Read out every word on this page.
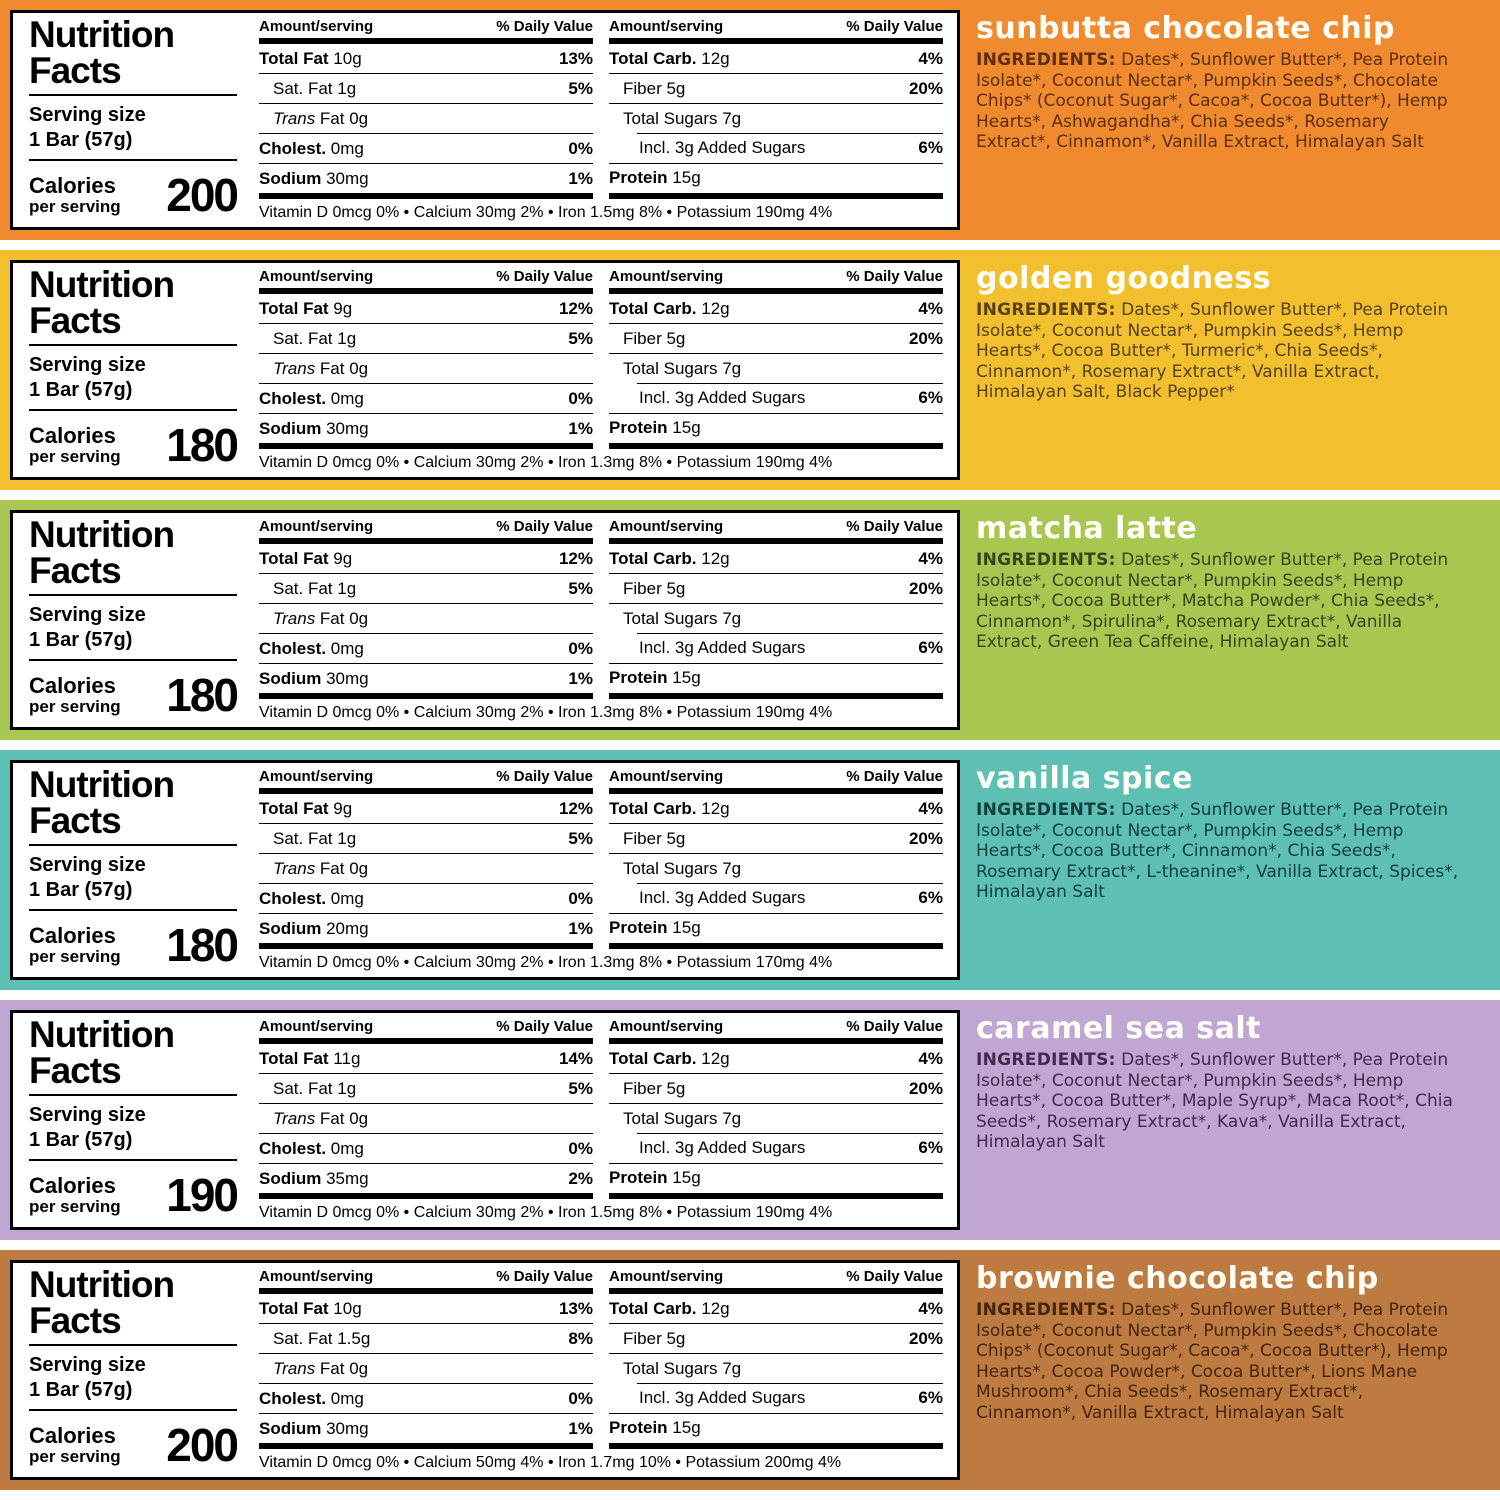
Nutrition Facts
Serving size
1 Bar (57g)
Calories
per serving 200
Amount/serving	% Daily Value
Total Fat 10g	13%
Sat. Fat 1g	5%
Trans Fat 0g
Cholest. 0mg	0%
Sodium 30mg	1%
Amount/serving	% Daily Value
Total Carb. 12g	4%
Fiber 5g	20%
Total Sugars 7g
Incl. 3g Added Sugars	6%
Protein 15g
Vitamin D 0mcg 0% • Calcium 30mg 2% • Iron 1.5mg 8% • Potassium 190mg 4%
sunbutta chocolate chip

INGREDIENTS: Dates*, Sunflower Butter*, Pea Protein Isolate*, Coconut Nectar*, Pumpkin Seeds*, Chocolate Chips* (Coconut Sugar*, Cacoa*, Cocoa Butter*), Hemp Hearts*, Ashwagandha*, Chia Seeds*, Rosemary Extract*, Cinnamon*, Vanilla Extract, Himalayan Salt

Nutrition Facts
Serving size
1 Bar (57g)
Calories
per serving 180
Amount/serving	% Daily Value
Total Fat 9g	12%
Sat. Fat 1g	5%
Trans Fat 0g
Cholest. 0mg	0%
Sodium 30mg	1%
Amount/serving	% Daily Value
Total Carb. 12g	4%
Fiber 5g	20%
Total Sugars 7g
Incl. 3g Added Sugars	6%
Protein 15g
Vitamin D 0mcg 0% • Calcium 30mg 2% • Iron 1.3mg 8% • Potassium 190mg 4%
golden goodness

INGREDIENTS: Dates*, Sunflower Butter*, Pea Protein Isolate*, Coconut Nectar*, Pumpkin Seeds*, Hemp Hearts*, Cocoa Butter*, Turmeric*, Chia Seeds*, Cinnamon*, Rosemary Extract*, Vanilla Extract, Himalayan Salt, Black Pepper*

Nutrition Facts
Serving size
1 Bar (57g)
Calories
per serving 180
Amount/serving	% Daily Value
Total Fat 9g	12%
Sat. Fat 1g	5%
Trans Fat 0g
Cholest. 0mg	0%
Sodium 30mg	1%
Amount/serving	% Daily Value
Total Carb. 12g	4%
Fiber 5g	20%
Total Sugars 7g
Incl. 3g Added Sugars	6%
Protein 15g
Vitamin D 0mcg 0% • Calcium 30mg 2% • Iron 1.3mg 8% • Potassium 190mg 4%
matcha latte

INGREDIENTS: Dates*, Sunflower Butter*, Pea Protein Isolate*, Coconut Nectar*, Pumpkin Seeds*, Hemp Hearts*, Cocoa Butter*, Matcha Powder*, Chia Seeds*, Cinnamon*, Spirulina*, Rosemary Extract*, Vanilla Extract, Green Tea Caffeine, Himalayan Salt

Nutrition Facts
Serving size
1 Bar (57g)
Calories
per serving 180
Amount/serving	% Daily Value
Total Fat 9g	12%
Sat. Fat 1g	5%
Trans Fat 0g
Cholest. 0mg	0%
Sodium 20mg	1%
Amount/serving	% Daily Value
Total Carb. 12g	4%
Fiber 5g	20%
Total Sugars 7g
Incl. 3g Added Sugars	6%
Protein 15g
Vitamin D 0mcg 0% • Calcium 30mg 2% • Iron 1.3mg 8% • Potassium 170mg 4%
vanilla spice

INGREDIENTS: Dates*, Sunflower Butter*, Pea Protein Isolate*, Coconut Nectar*, Pumpkin Seeds*, Hemp Hearts*, Cocoa Butter*, Cinnamon*, Chia Seeds*, Rosemary Extract*, L-theanine*, Vanilla Extract, Spices*, Himalayan Salt

Nutrition Facts
Serving size
1 Bar (57g)
Calories
per serving 190
Amount/serving	% Daily Value
Total Fat 11g	14%
Sat. Fat 1g	5%
Trans Fat 0g
Cholest. 0mg	0%
Sodium 35mg	2%
Amount/serving	% Daily Value
Total Carb. 12g	4%
Fiber 5g	20%
Total Sugars 7g
Incl. 3g Added Sugars	6%
Protein 15g
Vitamin D 0mcg 0% • Calcium 30mg 2% • Iron 1.5mg 8% • Potassium 190mg 4%
caramel sea salt

INGREDIENTS: Dates*, Sunflower Butter*, Pea Protein Isolate*, Coconut Nectar*, Pumpkin Seeds*, Hemp Hearts*, Cocoa Butter*, Maple Syrup*, Maca Root*, Chia Seeds*, Rosemary Extract*, Kava*, Vanilla Extract, Himalayan Salt

Nutrition Facts
Serving size
1 Bar (57g)
Calories
per serving 200
Amount/serving	% Daily Value
Total Fat 10g	13%
Sat. Fat 1.5g	8%
Trans Fat 0g
Cholest. 0mg	0%
Sodium 30mg	1%
Amount/serving	% Daily Value
Total Carb. 12g	4%
Fiber 5g	20%
Total Sugars 7g
Incl. 3g Added Sugars	6%
Protein 15g
Vitamin D 0mcg 0% • Calcium 50mg 4% • Iron 1.7mg 10% • Potassium 200mg 4%
brownie chocolate chip

INGREDIENTS: Dates*, Sunflower Butter*, Pea Protein Isolate*, Coconut Nectar*, Pumpkin Seeds*, Chocolate Chips* (Coconut Sugar*, Cacoa*, Cocoa Butter*), Hemp Hearts*, Cocoa Powder*, Cocoa Butter*, Lions Mane Mushroom*, Chia Seeds*, Rosemary Extract*, Cinnamon*, Vanilla Extract, Himalayan Salt
